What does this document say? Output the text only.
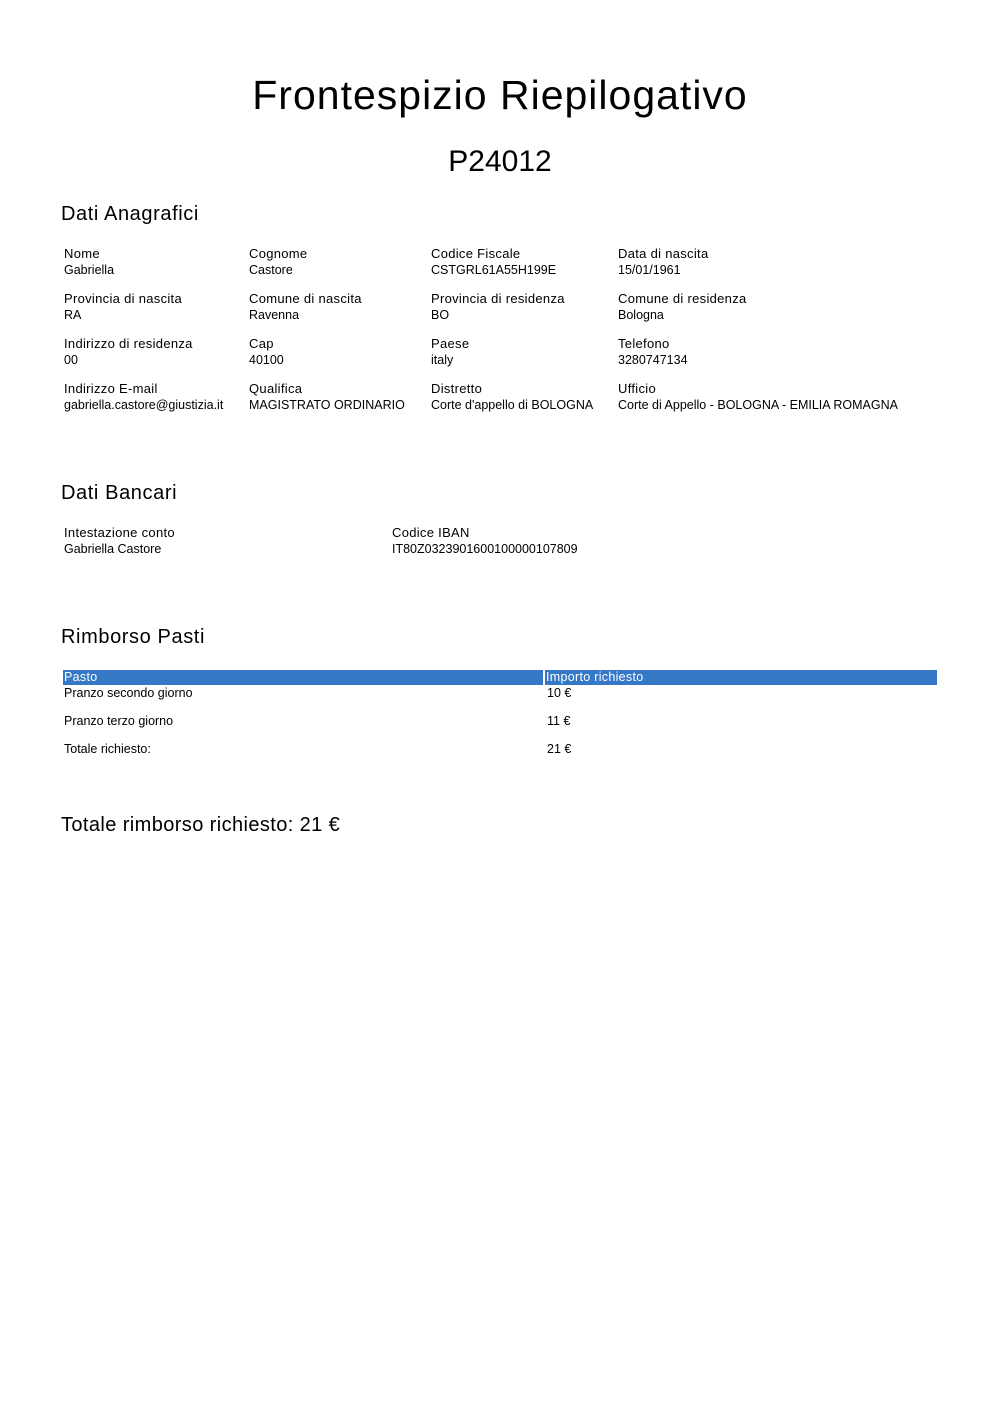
Frontespizio Riepilogativo
P24012
Dati Anagrafici
Nome
Gabriella
Cognome
Castore
Codice Fiscale
CSTGRL61A55H199E
Data di nascita
15/01/1961
Provincia di nascita
RA
Comune di nascita
Ravenna
Provincia di residenza
BO
Comune di residenza
Bologna
Indirizzo di residenza
00
Cap
40100
Paese
italy
Telefono
3280747134
Indirizzo E-mail
gabriella.castore@giustizia.it
Qualifica
MAGISTRATO ORDINARIO
Distretto
Corte d'appello di BOLOGNA
Ufficio
Corte di Appello - BOLOGNA - EMILIA ROMAGNA
Dati Bancari
Intestazione conto
Gabriella Castore
Codice IBAN
IT80Z0323901600100000107809
Rimborso Pasti
Pasto	Importo richiesto
Pranzo secondo giorno	10 €
Pranzo terzo giorno	11 €
Totale richiesto:	21 €
Totale rimborso richiesto: 21 €
